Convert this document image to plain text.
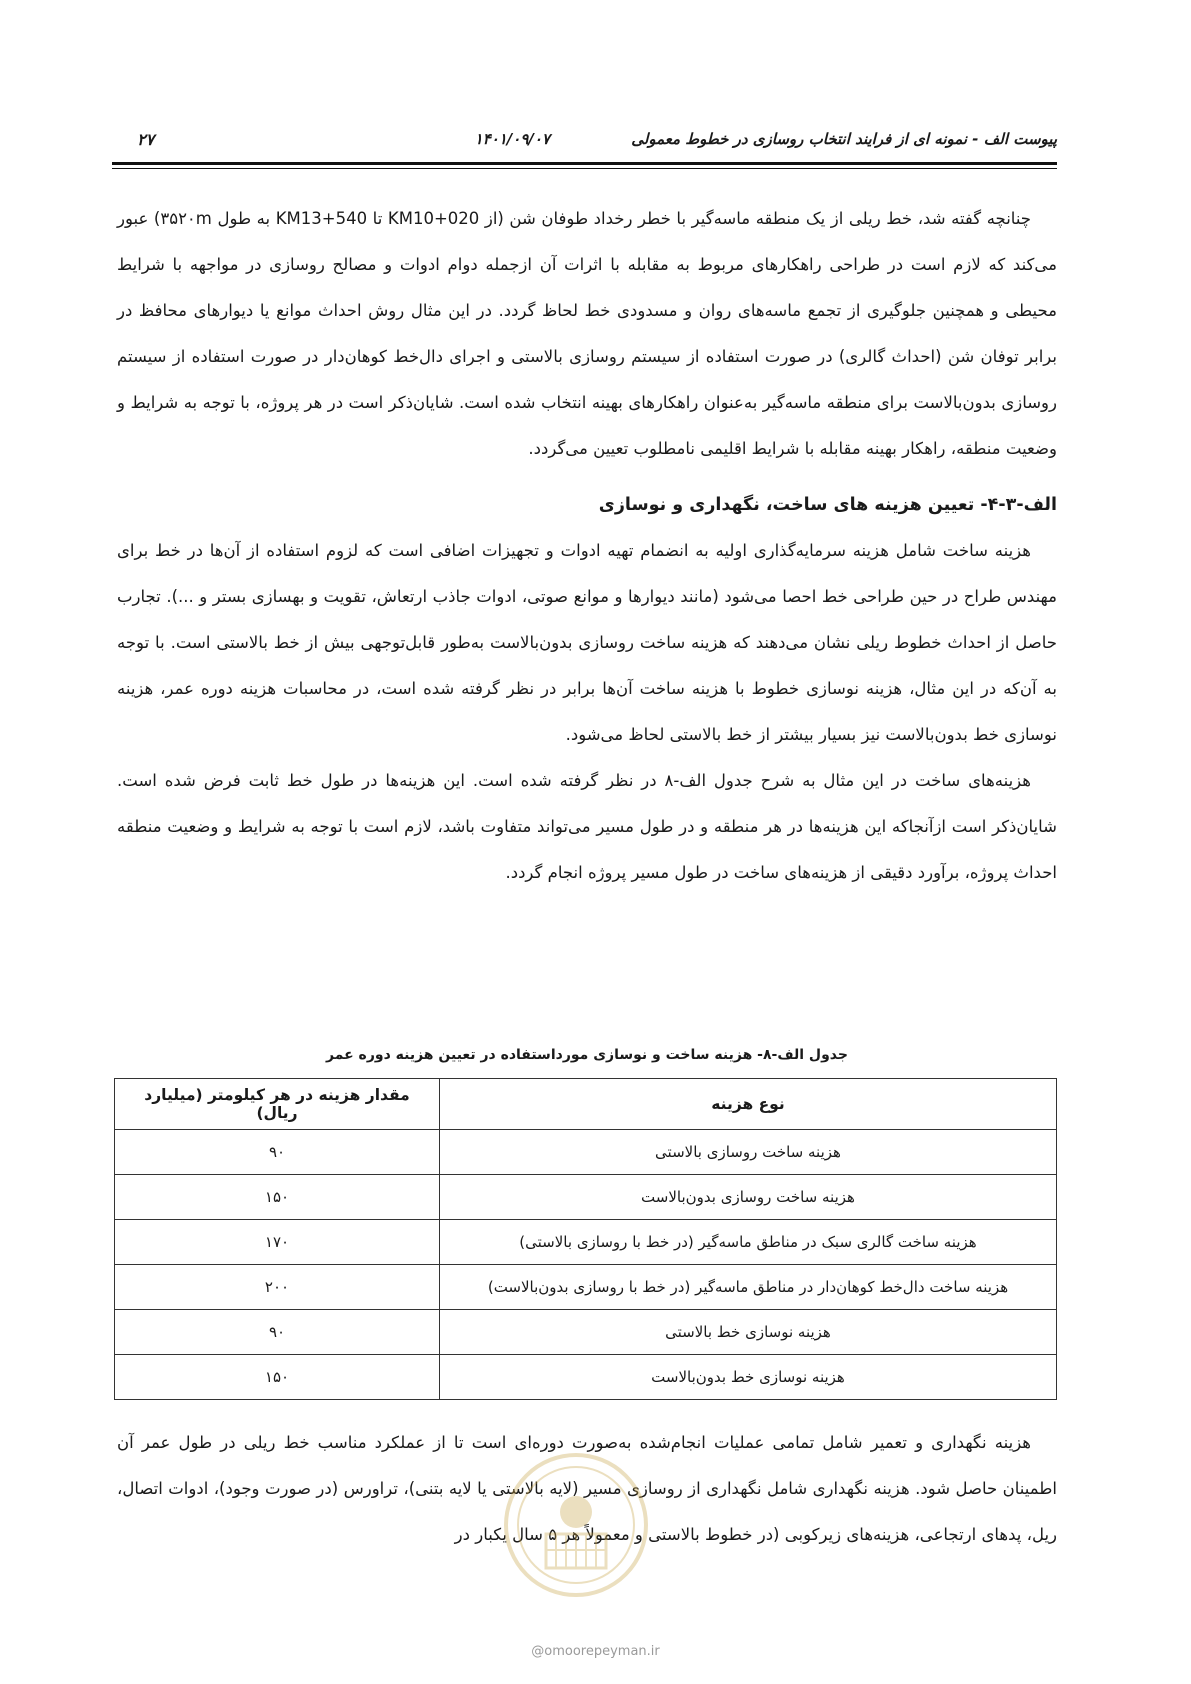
پیوست الف - نمونه ای از فرایند انتخاب روسازی در خطوط معمولی
۱۴۰۱/۰۹/۰۷
۲۷

چنانچه گفته شد، خط ریلی از یک منطقه ماسه‌گیر با خطر رخداد طوفان شن (از KM10+020 تا KM13+540 به طول ۳۵۲۰m) عبور می‌کند که لازم است در طراحی راهکارهای مربوط به مقابله با اثرات آن ازجمله دوام ادوات و مصالح روسازی در مواجهه با شرایط محیطی و همچنین جلوگیری از تجمع ماسه‌های روان و مسدودی خط لحاظ گردد. در این مثال روش احداث موانع یا دیوارهای محافظ در برابر توفان شن (احداث گالری) در صورت استفاده از سیستم روسازی بالاستی و اجرای دال‌خط کوهان‌دار در صورت استفاده از سیستم روسازی بدون‌بالاست برای منطقه ماسه‌گیر به‌عنوان راهکارهای بهینه انتخاب شده است. شایان‌ذکر است در هر پروژه، با توجه به شرایط و وضعیت منطقه، راهکار بهینه مقابله با شرایط اقلیمی نامطلوب تعیین می‌گردد.

الف-۳-۴- تعیین هزینه های ساخت، نگهداری و نوسازی

هزینه ساخت شامل هزینه سرمایه‌گذاری اولیه به انضمام تهیه ادوات و تجهیزات اضافی است که لزوم استفاده از آن‌ها در خط برای مهندس طراح در حین طراحی خط احصا می‌شود (مانند دیوارها و موانع صوتی، ادوات جاذب ارتعاش، تقویت و بهسازی بستر و ...). تجارب حاصل از احداث خطوط ریلی نشان می‌دهند که هزینه ساخت روسازی بدون‌بالاست به‌طور قابل‌توجهی بیش از خط بالاستی است. با توجه به آن‌که در این مثال، هزینه نوسازی خطوط با هزینه ساخت آن‌ها برابر در نظر گرفته شده است، در محاسبات هزینه دوره عمر، هزینه نوسازی خط بدون‌بالاست نیز بسیار بیشتر از خط بالاستی لحاظ می‌شود.

هزینه‌های ساخت در این مثال به شرح جدول الف-۸ در نظر گرفته شده است. این هزینه‌ها در طول خط ثابت فرض شده است. شایان‌ذکر است ازآنجاکه این هزینه‌ها در هر منطقه و در طول مسیر می‌تواند متفاوت باشد، لازم است با توجه به شرایط و وضعیت منطقه احداث پروژه، برآورد دقیقی از هزینه‌های ساخت در طول مسیر پروژه انجام گردد.

جدول الف-۸- هزینه ساخت و نوسازی مورداستفاده در تعیین هزینه دوره عمر
نوع هزینه	مقدار هزینه در هر کیلومتر (میلیارد ریال)
هزینه ساخت روسازی بالاستی	۹۰
هزینه ساخت روسازی بدون‌بالاست	۱۵۰
هزینه ساخت گالری سبک در مناطق ماسه‌گیر (در خط با روسازی بالاستی)	۱۷۰
هزینه ساخت دال‌خط کوهان‌دار در مناطق ماسه‌گیر (در خط با روسازی بدون‌بالاست)	۲۰۰
هزینه نوسازی خط بالاستی	۹۰
هزینه نوسازی خط بدون‌بالاست	۱۵۰

هزینه نگهداری و تعمیر شامل تمامی عملیات انجام‌شده به‌صورت دوره‌ای است تا از عملکرد مناسب خط ریلی در طول عمر آن اطمینان حاصل شود. هزینه نگهداری شامل نگهداری از روسازی مسیر (لایه بالاستی یا لایه بتنی)، تراورس (در صورت وجود)، ادوات اتصال، ریل، پدهای ارتجاعی، هزینه‌های زیرکوبی (در خطوط بالاستی و معمولاً هر ۵ سال یکبار در

@omoorepeyman.ir
